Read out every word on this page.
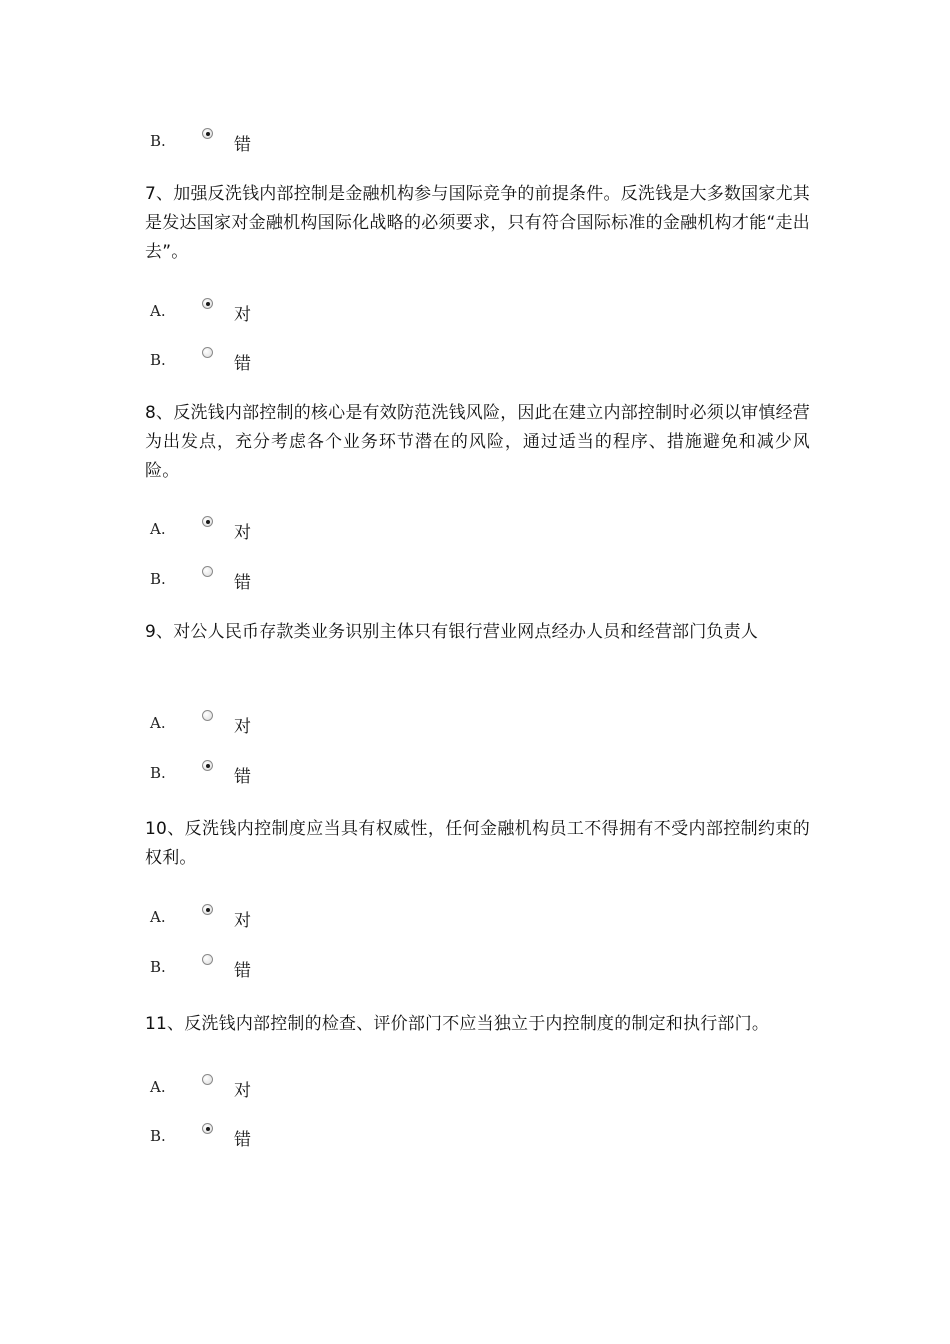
B.	错
7、加强反洗钱内部控制是金融机构参与国际竞争的前提条件。反洗钱是大多数国家尤其是发达国家对金融机构国际化战略的必须要求，只有符合国际标准的金融机构才能“走出去”。
A.	对
B.	错
8、反洗钱内部控制的核心是有效防范洗钱风险，因此在建立内部控制时必须以审慎经营为出发点，充分考虑各个业务环节潜在的风险，通过适当的程序、措施避免和减少风险。
A.	对
B.	错
9、对公人民币存款类业务识别主体只有银行营业网点经办人员和经营部门负责人
A.	对
B.	错
10、反洗钱内控制度应当具有权威性，任何金融机构员工不得拥有不受内部控制约束的权利。
A.	对
B.	错
11、反洗钱内部控制的检查、评价部门不应当独立于内控制度的制定和执行部门。
A.	对
B.	错
